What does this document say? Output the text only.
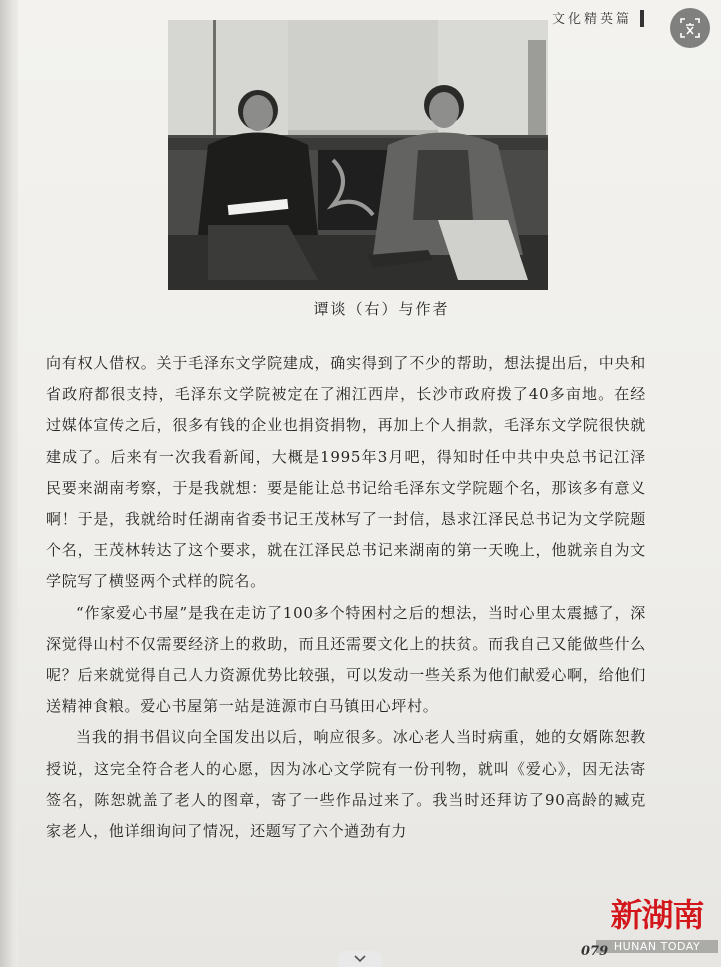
文化精英篇
谭谈（右）与作者

向有权人借权。关于毛泽东文学院建成，确实得到了不少的帮助，想法提出后，中央和省政府都很支持，毛泽东文学院被定在了湘江西岸，长沙市政府拨了40多亩地。在经过媒体宣传之后，很多有钱的企业也捐资捐物，再加上个人捐款，毛泽东文学院很快就建成了。后来有一次我看新闻，大概是1995年3月吧，得知时任中共中央总书记江泽民要来湖南考察，于是我就想：要是能让总书记给毛泽东文学院题个名，那该多有意义啊！于是，我就给时任湖南省委书记王茂林写了一封信，恳求江泽民总书记为文学院题个名，王茂林转达了这个要求，就在江泽民总书记来湖南的第一天晚上，他就亲自为文学院写了横竖两个式样的院名。

“作家爱心书屋”是我在走访了100多个特困村之后的想法，当时心里太震撼了，深深觉得山村不仅需要经济上的救助，而且还需要文化上的扶贫。而我自己又能做些什么呢？后来就觉得自己人力资源优势比较强，可以发动一些关系为他们献爱心啊，给他们送精神食粮。爱心书屋第一站是涟源市白马镇田心坪村。

当我的捐书倡议向全国发出以后，响应很多。冰心老人当时病重，她的女婿陈恕教授说，这完全符合老人的心愿，因为冰心文学院有一份刊物，就叫《爱心》，因无法寄签名，陈恕就盖了老人的图章，寄了一些作品过来了。我当时还拜访了90高龄的臧克家老人，他详细询问了情况，还题写了六个遒劲有力

079
新湖南
HUNAN TODAY
